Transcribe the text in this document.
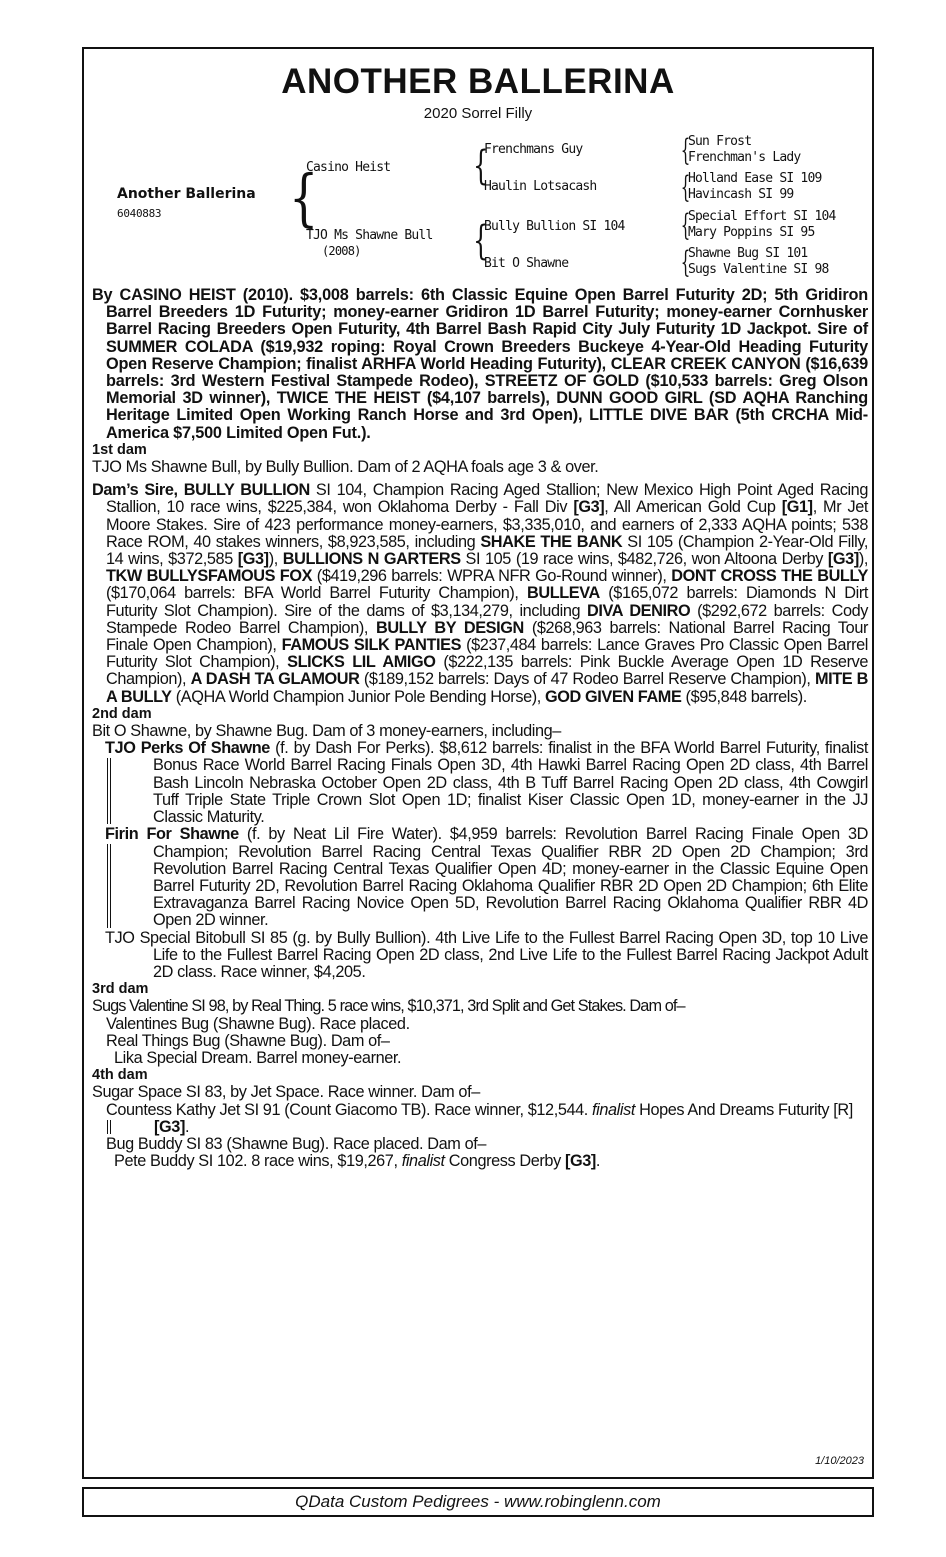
ANOTHER BALLERINA
2020 Sorrel Filly
Another Ballerina
6040883 {
Casino Heist
TJO Ms Shawne Bull
(2008)
{
{
Frenchmans Guy
Haulin Lotsacash
Bully Bullion SI 104
Bit O Shawne
{
{
{
{
Sun Frost
Frenchman's Lady
Holland Ease SI 109
Havincash SI 99
Special Effort SI 104
Mary Poppins SI 95
Shawne Bug SI 101
Sugs Valentine SI 98

By CASINO HEIST (2010). $3,008 barrels: 6th Classic Equine Open Barrel Futurity 2D; 5th Gridiron Barrel Breeders 1D Futurity; money-earner Gridiron 1D Barrel Futurity; money-earner Cornhusker Barrel Racing Breeders Open Futurity, 4th Barrel Bash Rapid City July Futurity 1D Jackpot. Sire of SUMMER COLADA ($19,932 roping: Royal Crown Breeders Buckeye 4-Year-Old Heading Futurity Open Reserve Champion; finalist ARHFA World Heading Futurity), CLEAR CREEK CANYON ($16,639 barrels: 3rd Western Festival Stampede Rodeo), STREETZ OF GOLD ($10,533 barrels: Greg Olson Memorial 3D winner), TWICE THE HEIST ($4,107 barrels), DUNN GOOD GIRL (SD AQHA Ranching Heritage Limited Open Working Ranch Horse and 3rd Open), LITTLE DIVE BAR (5th CRCHA Mid-America $7,500 Limited Open Fut.).

1st dam

TJO Ms Shawne Bull, by Bully Bullion. Dam of 2 AQHA foals age 3 & over.

Dam’s Sire, BULLY BULLION SI 104, Champion Racing Aged Stallion; New Mexico High Point Aged Racing Stallion, 10 race wins, $225,384, won Oklahoma Derby - Fall Div [G3], All American Gold Cup [G1], Mr Jet Moore Stakes. Sire of 423 performance money-earners, $3,335,010, and earners of 2,333 AQHA points; 538 Race ROM, 40 stakes winners, $8,923,585, including SHAKE THE BANK SI 105 (Champion 2-Year-Old Filly, 14 wins, $372,585 [G3]), BULLIONS N GARTERS SI 105 (19 race wins, $482,726, won Altoona Derby [G3]), TKW BULLYSFAMOUS FOX ($419,296 barrels: WPRA NFR Go-Round winner), DONT CROSS THE BULLY ($170,064 barrels: BFA World Barrel Futurity Champion), BULLEVA ($165,072 barrels: Diamonds N Dirt Futurity Slot Champion). Sire of the dams of $3,134,279, including DIVA DENIRO ($292,672 barrels: Cody Stampede Rodeo Barrel Champion), BULLY BY DESIGN ($268,963 barrels: National Barrel Racing Tour Finale Open Champion), FAMOUS SILK PANTIES ($237,484 barrels: Lance Graves Pro Classic Open Barrel Futurity Slot Champion), SLICKS LIL AMIGO ($222,135 barrels: Pink Buckle Average Open 1D Reserve Champion), A DASH TA GLAMOUR ($189,152 barrels: Days of 47 Rodeo Barrel Reserve Champion), MITE B A BULLY (AQHA World Champion Junior Pole Bending Horse), GOD GIVEN FAME ($95,848 barrels).

2nd dam

Bit O Shawne, by Shawne Bug. Dam of 3 money-earners, including–

TJO Perks Of Shawne (f. by Dash For Perks). $8,612 barrels: finalist in the BFA World Barrel Futurity, finalist Bonus Race World Barrel Racing Finals Open 3D, 4th Hawki Barrel Racing Open 2D class, 4th Barrel Bash Lincoln Nebraska October Open 2D class, 4th B Tuff Barrel Racing Open 2D class, 4th Cowgirl Tuff Triple State Triple Crown Slot Open 1D; finalist Kiser Classic Open 1D, money-earner in the JJ Classic Maturity.

Firin For Shawne (f. by Neat Lil Fire Water). $4,959 barrels: Revolution Barrel Racing Finale Open 3D Champion; Revolution Barrel Racing Central Texas Qualifier RBR 2D Open 2D Champion; 3rd Revolution Barrel Racing Central Texas Qualifier Open 4D; money-earner in the Classic Equine Open Barrel Futurity 2D, Revolution Barrel Racing Oklahoma Qualifier RBR 2D Open 2D Champion; 6th Elite Extravaganza Barrel Racing Novice Open 5D, Revolution Barrel Racing Oklahoma Qualifier RBR 4D Open 2D winner.

TJO Special Bitobull SI 85 (g. by Bully Bullion). 4th Live Life to the Fullest Barrel Racing Open 3D, top 10 Live Life to the Fullest Barrel Racing Open 2D class, 2nd Live Life to the Fullest Barrel Racing Jackpot Adult 2D class. Race winner, $4,205.

3rd dam

Sugs Valentine SI 98, by Real Thing. 5 race wins, $10,371, 3rd Split and Get Stakes. Dam of–

Valentines Bug (Shawne Bug). Race placed.

Real Things Bug (Shawne Bug). Dam of–

Lika Special Dream. Barrel money-earner.

4th dam

Sugar Space SI 83, by Jet Space. Race winner. Dam of–

Countess Kathy Jet SI 91 (Count Giacomo TB). Race winner, $12,544. finalist Hopes And Dreams Futurity [R] [G3].

Bug Buddy SI 83 (Shawne Bug). Race placed. Dam of–

Pete Buddy SI 102. 8 race wins, $19,267, finalist Congress Derby [G3].

1/10/2023
QData Custom Pedigrees - www.robinglenn.com
